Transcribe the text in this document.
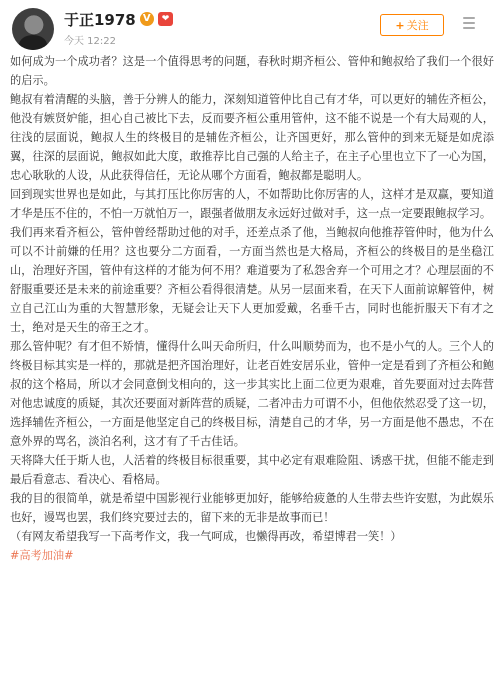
于正1978 V	❤
今天 12:22
+ 关注

如何成为一个成功者？这是一个值得思考的问题，春秋时期齐桓公、管仲和鲍叔给了我们一个很好的启示。

鲍叔有着清醒的头脑，善于分辨人的能力，深刻知道管仲比自己有才华，可以更好的辅佐齐桓公，他没有嫉贤妒能，担心自己被比下去，反而要齐桓公重用管仲，这不能不说是一个有大局观的人，往浅的层面说，鲍叔人生的终极目的是辅佐齐桓公，让齐国更好，那么管仲的到来无疑是如虎添翼，往深的层面说，鲍叔如此大度，敢推荐比自己强的人给主子，在主子心里也立下了一心为国，忠心耿耿的人设，从此获得信任，无论从哪个方面看，鲍叔都是聪明人。

回到现实世界也是如此，与其打压比你厉害的人，不如帮助比你厉害的人，这样才是双赢，要知道才华是压不住的，不怕一万就怕万一，跟强者做朋友永远好过做对手，这一点一定要跟鲍叔学习。

我们再来看齐桓公，管仲曾经帮助过他的对手，还差点杀了他，当鲍叔向他推荐管仲时，他为什么可以不计前嫌的任用？这也要分二方面看，一方面当然也是大格局，齐桓公的终极目的是坐稳江山，治理好齐国，管仲有这样的才能为何不用？难道要为了私怨舍弃一个可用之才？心理层面的不舒服重要还是未来的前途重要？齐桓公看得很清楚。从另一层面来看，在天下人面前谅解管仲，树立自己江山为重的大智慧形象，无疑会让天下人更加爱戴，名垂千古，同时也能折服天下有才之士，绝对是天生的帝王之才。

那么管仲呢？有才但不矫情，懂得什么叫天命所归，什么叫顺势而为，也不是小气的人。三个人的终极目标其实是一样的，那就是把齐国治理好，让老百姓安居乐业，管仲一定是看到了齐桓公和鲍叔的这个格局，所以才会同意倒戈相向的，这一步其实比上面二位更为艰难，首先要面对过去阵营对他忠诚度的质疑，其次还要面对新阵营的质疑，二者冲击力可谓不小，但他依然忍受了这一切，选择辅佐齐桓公，一方面是他坚定自己的终极目标，清楚自己的才华，另一方面是他不愚忠，不在意外界的骂名，淡泊名利，这才有了千古佳话。

天将降大任于斯人也，人活着的终极目标很重要，其中必定有艰难险阻、诱惑干扰，但能不能走到最后看意志、看决心、看格局。

我的目的很简单，就是希望中国影视行业能够更加好，能够给疲惫的人生带去些许安慰，为此娱乐也好，谩骂也罢，我们终究要过去的，留下来的无非是故事而已！

（有网友希望我写一下高考作文，我一气呵成，也懒得再改，希望博君一笑！）

#高考加油#
